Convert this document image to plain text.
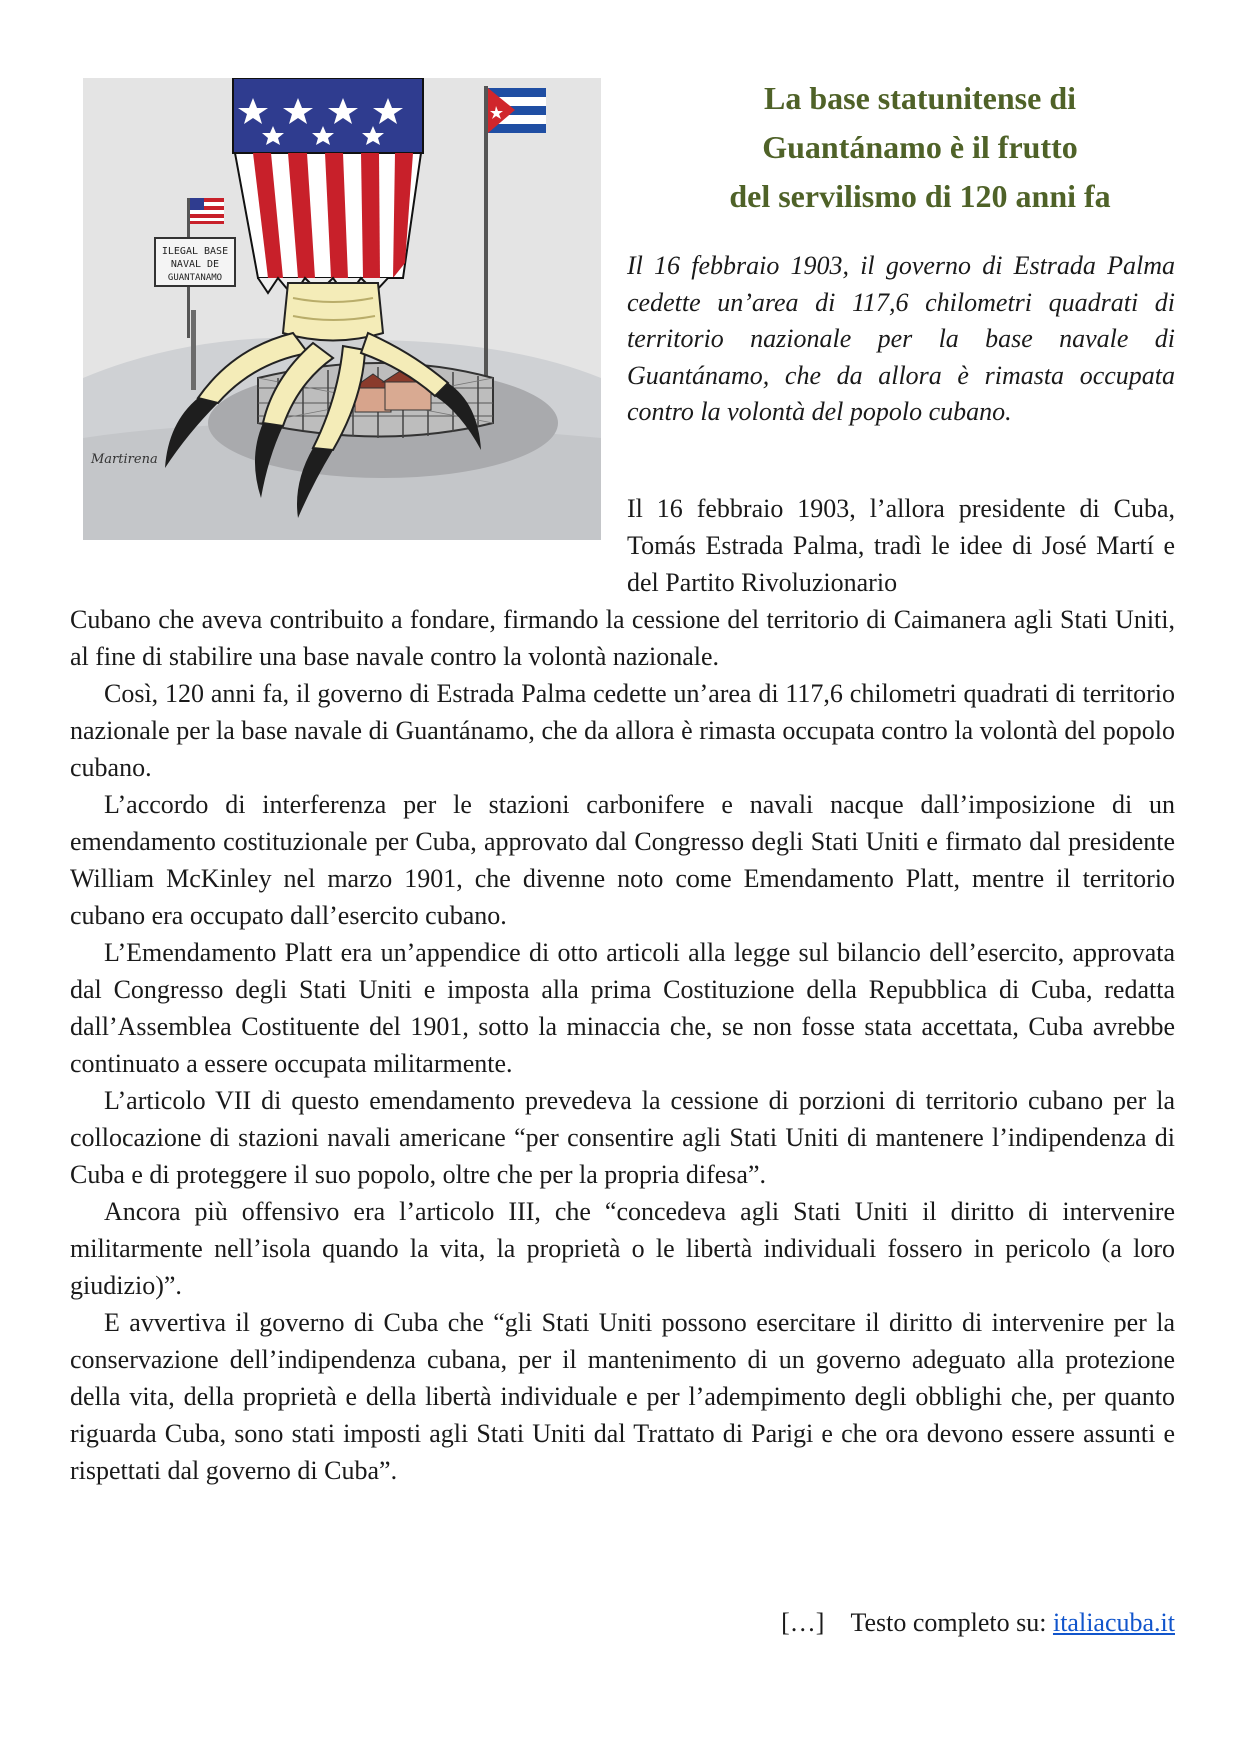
ILEGAL BASE
NAVAL DE
GUANTANAMO
Martirena
La base statunitense di
Guantánamo è il frutto
del servilismo di 120 anni fa

Il 16 febbraio 1903, il governo di Estrada Palma cedette un’area di 117,6 chilometri quadrati di territorio nazionale per la base navale di Guantánamo, che da allora è rimasta occupata contro la volontà del popolo cubano.

Il 16 febbraio 1903, l’allora presidente di Cuba, Tomás Estrada Palma, tradì le idee di José Martí e del Partito Rivoluzionario

Cubano che aveva contribuito a fondare, firmando la cessione del territorio di Caimanera agli Stati Uniti, al fine di stabilire una base navale contro la volontà nazionale.

Così, 120 anni fa, il governo di Estrada Palma cedette un’area di 117,6 chilometri quadrati di territorio nazionale per la base navale di Guantánamo, che da allora è rimasta occupata contro la volontà del popolo cubano.

L’accordo di interferenza per le stazioni carbonifere e navali nacque dall’imposizione di un emendamento costituzionale per Cuba, approvato dal Congresso degli Stati Uniti e firmato dal presidente William McKinley nel marzo 1901, che divenne noto come Emendamento Platt, mentre il territorio cubano era occupato dall’esercito cubano.

L’Emendamento Platt era un’appendice di otto articoli alla legge sul bilancio dell’esercito, approvata dal Congresso degli Stati Uniti e imposta alla prima Costituzione della Repubblica di Cuba, redatta dall’Assemblea Costituente del 1901, sotto la minaccia che, se non fosse stata accettata, Cuba avrebbe continuato a essere occupata militarmente.

L’articolo VII di questo emendamento prevedeva la cessione di porzioni di territorio cubano per la collocazione di stazioni navali americane “per consentire agli Stati Uniti di mantenere l’indipendenza di Cuba e di proteggere il suo popolo, oltre che per la propria difesa”.

Ancora più offensivo era l’articolo III, che “concedeva agli Stati Uniti il diritto di intervenire militarmente nell’isola quando la vita, la proprietà o le libertà individuali fossero in pericolo (a loro giudizio)”.

E avvertiva il governo di Cuba che “gli Stati Uniti possono esercitare il diritto di intervenire per la conservazione dell’indipendenza cubana, per il mantenimento di un governo adeguato alla protezione della vita, della proprietà e della libertà individuale e per l’adempimento degli obblighi che, per quanto riguarda Cuba, sono stati imposti agli Stati Uniti dal Trattato di Parigi e che ora devono essere assunti e rispettati dal governo di Cuba”.

[…] Testo completo su: italiacuba.it
